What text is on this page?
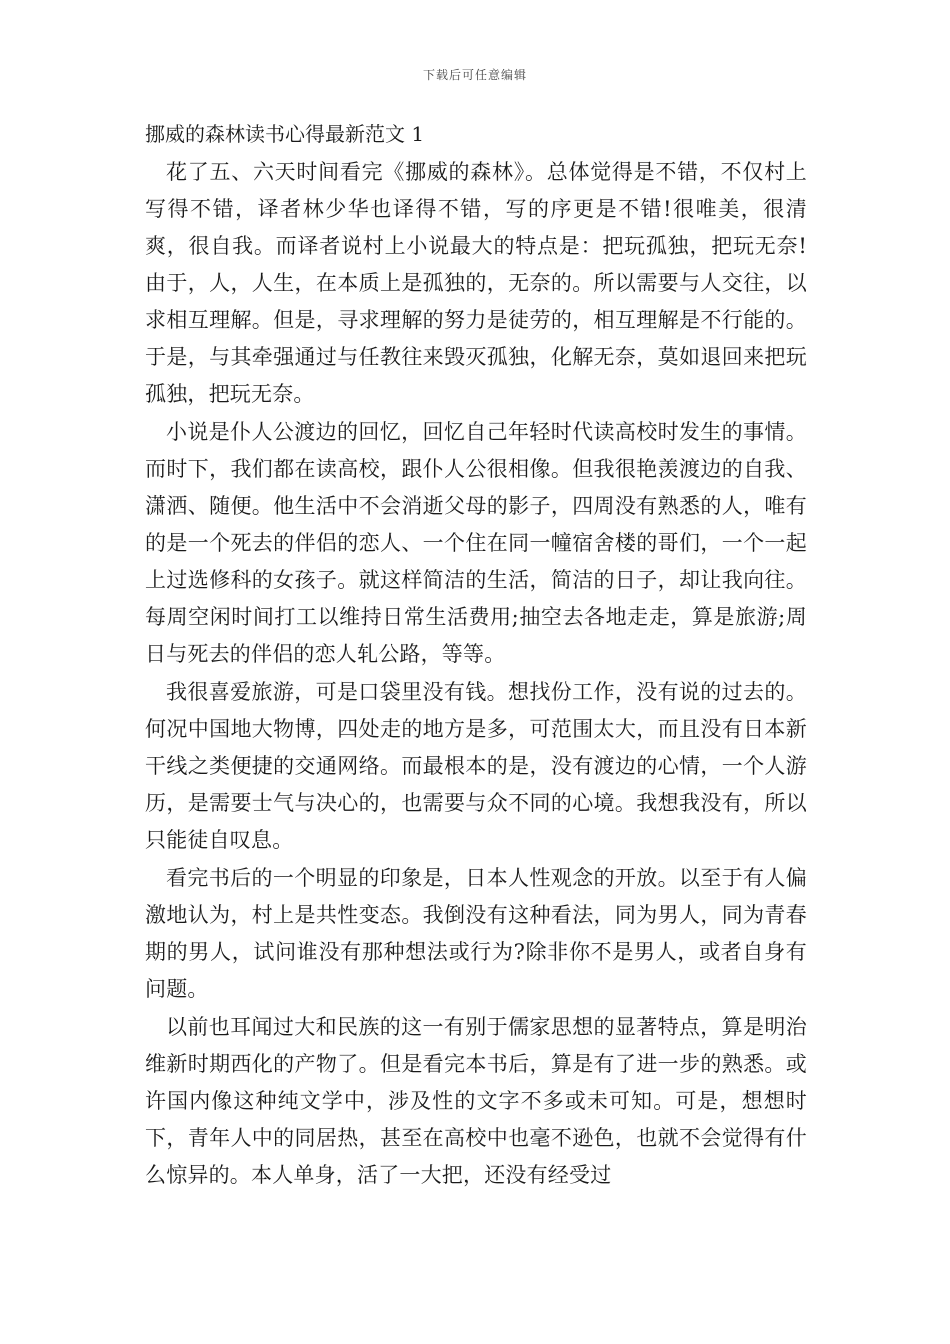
下载后可任意编辑
挪威的森林读书心得最新范文 1

花了五、六天时间看完《挪威的森林》。总体觉得是不错，不仅村上写得不错，译者林少华也译得不错，写的序更是不错!很唯美，很清爽，很自我。而译者说村上小说最大的特点是：把玩孤独，把玩无奈!由于，人，人生，在本质上是孤独的，无奈的。所以需要与人交往，以求相互理解。但是，寻求理解的努力是徒劳的，相互理解是不行能的。于是，与其牵强通过与任教往来毁灭孤独，化解无奈，莫如退回来把玩孤独，把玩无奈。

小说是仆人公渡边的回忆，回忆自己年轻时代读高校时发生的事情。而时下，我们都在读高校，跟仆人公很相像。但我很艳羡渡边的自我、潇洒、随便。他生活中不会消逝父母的影子，四周没有熟悉的人，唯有的是一个死去的伴侣的恋人、一个住在同一幢宿舍楼的哥们，一个一起上过选修科的女孩子。就这样简洁的生活，简洁的日子，却让我向往。每周空闲时间打工以维持日常生活费用;抽空去各地走走，算是旅游;周日与死去的伴侣的恋人轧公路，等等。

我很喜爱旅游，可是口袋里没有钱。想找份工作，没有说的过去的。何况中国地大物博，四处走的地方是多，可范围太大，而且没有日本新干线之类便捷的交通网络。而最根本的是，没有渡边的心情，一个人游历，是需要士气与决心的，也需要与众不同的心境。我想我没有，所以只能徒自叹息。

看完书后的一个明显的印象是，日本人性观念的开放。以至于有人偏激地认为，村上是共性变态。我倒没有这种看法，同为男人，同为青春期的男人，试问谁没有那种想法或行为?除非你不是男人，或者自身有问题。

以前也耳闻过大和民族的这一有别于儒家思想的显著特点，算是明治维新时期西化的产物了。但是看完本书后，算是有了进一步的熟悉。或许国内像这种纯文学中，涉及性的文字不多或未可知。可是，想想时下，青年人中的同居热，甚至在高校中也毫不逊色，也就不会觉得有什么惊异的。本人单身，活了一大把，还没有经受过
